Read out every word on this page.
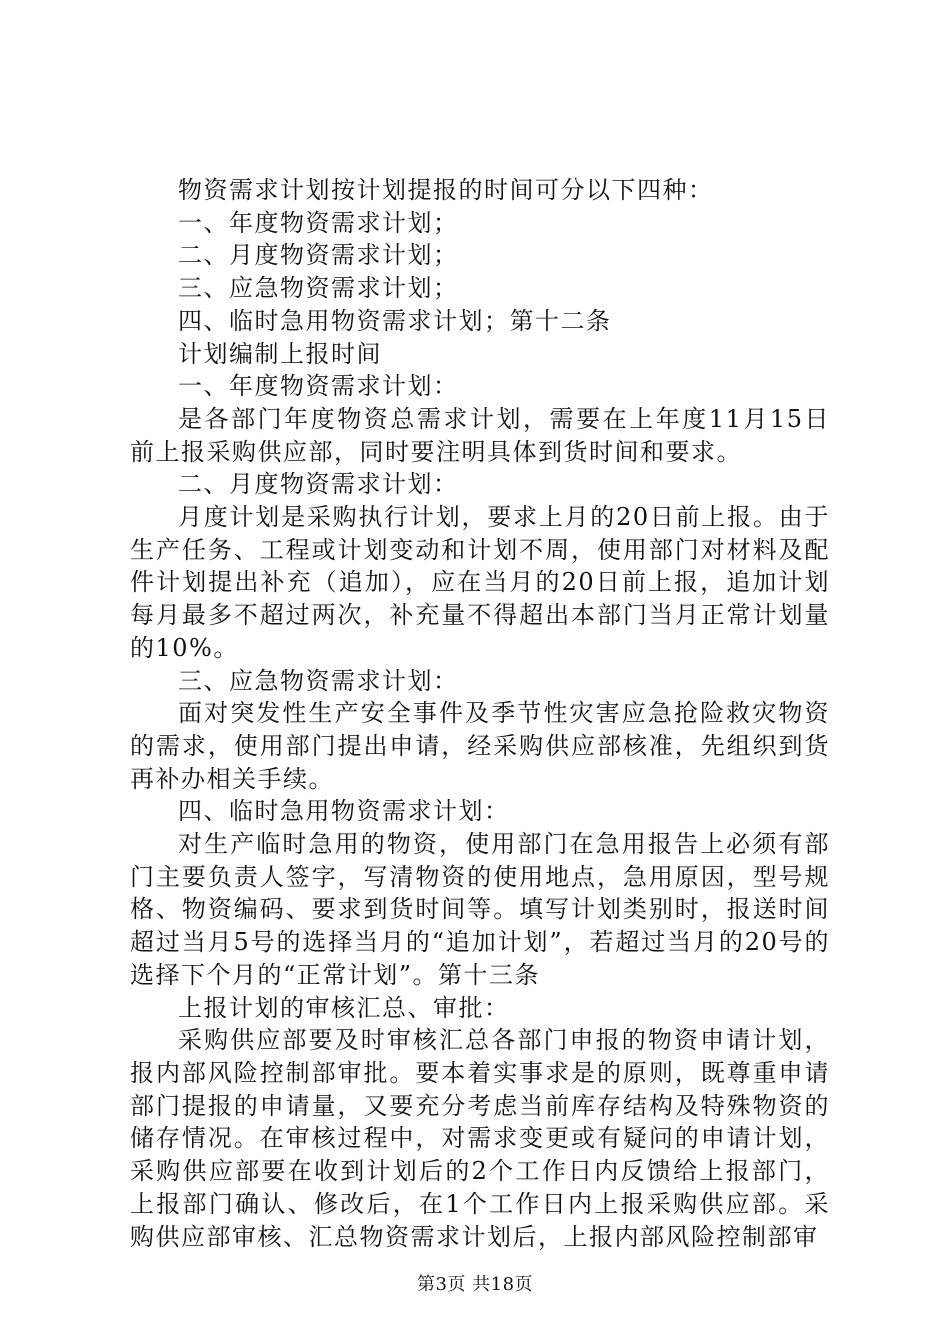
物资需求计划按计划提报的时间可分以下四种：

一、年度物资需求计划；

二、月度物资需求计划；

三、应急物资需求计划；

四、临时急用物资需求计划；第十二条

计划编制上报时间

一、年度物资需求计划：

是各部门年度物资总需求计划，需要在上年度11月15日前上报采购供应部，同时要注明具体到货时间和要求。

二、月度物资需求计划：

月度计划是采购执行计划，要求上月的20日前上报。由于生产任务、工程或计划变动和计划不周，使用部门对材料及配件计划提出补充（追加），应在当月的20日前上报，追加计划每月最多不超过两次，补充量不得超出本部门当月正常计划量的10%。

三、应急物资需求计划：

面对突发性生产安全事件及季节性灾害应急抢险救灾物资的需求，使用部门提出申请，经采购供应部核准，先组织到货再补办相关手续。

四、临时急用物资需求计划：

对生产临时急用的物资，使用部门在急用报告上必须有部门主要负责人签字，写清物资的使用地点，急用原因，型号规格、物资编码、要求到货时间等。填写计划类别时，报送时间超过当月5号的选择当月的“追加计划”，若超过当月的20号的选择下个月的“正常计划”。第十三条

上报计划的审核汇总、审批：

采购供应部要及时审核汇总各部门申报的物资申请计划，报内部风险控制部审批。要本着实事求是的原则，既尊重申请部门提报的申请量，又要充分考虑当前库存结构及特殊物资的储存情况。在审核过程中，对需求变更或有疑问的申请计划，采购供应部要在收到计划后的2个工作日内反馈给上报部门，上报部门确认、修改后，在1个工作日内上报采购供应部。采购供应部审核、汇总物资需求计划后，上报内部风险控制部审

第3页 共18页
